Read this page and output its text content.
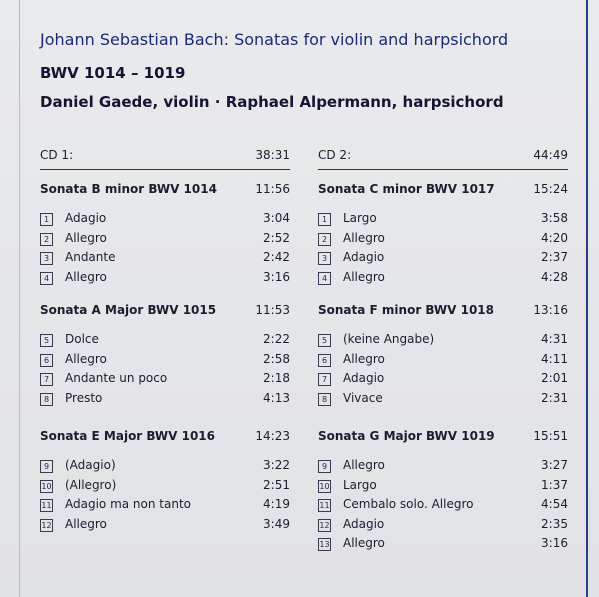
Johann Sebastian Bach: Sonatas for violin and harpsichord
BWV 1014 – 1019
Daniel Gaede, violin · Raphael Alpermann, harpsichord
CD 1:	38:31
Sonata B minor BWV 1014	11:56
1	Adagio	3:04
2	Allegro	2:52
3	Andante	2:42
4	Allegro	3:16
Sonata A Major BWV 1015	11:53
5	Dolce	2:22
6	Allegro	2:58
7	Andante un poco	2:18
8	Presto	4:13
Sonata E Major BWV 1016	14:23
9	(Adagio)	3:22
10 (Allegro)	2:51
11 Adagio ma non tanto	4:19
12 Allegro	3:49
CD 2:	44:49
Sonata C minor BWV 1017	15:24
1	Largo	3:58
2	Allegro	4:20
3	Adagio	2:37
4	Allegro	4:28
Sonata F minor BWV 1018	13:16
5	(keine Angabe)	4:31
6	Allegro	4:11
7	Adagio	2:01
8	Vivace	2:31
Sonata G Major BWV 1019	15:51
9	Allegro	3:27
10 Largo	1:37
11 Cembalo solo. Allegro	4:54
12 Adagio	2:35
13 Allegro	3:16
